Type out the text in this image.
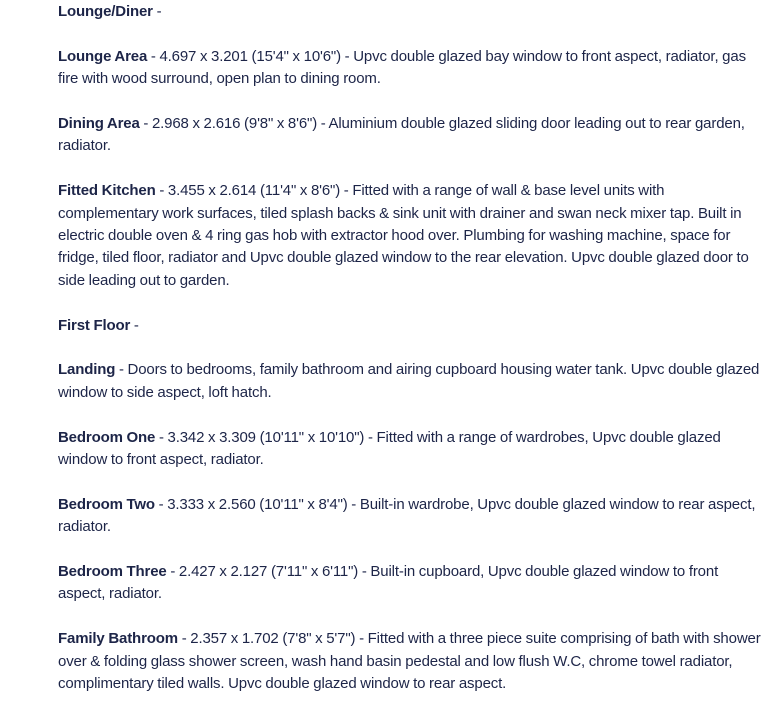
Lounge/Diner -

Lounge Area - 4.697 x 3.201 (15'4" x 10'6") - Upvc double glazed bay window to front aspect, radiator, gas fire with wood surround, open plan to dining room.

Dining Area - 2.968 x 2.616 (9'8" x 8'6") - Aluminium double glazed sliding door leading out to rear garden, radiator.

Fitted Kitchen - 3.455 x 2.614 (11'4" x 8'6") - Fitted with a range of wall & base level units with complementary work surfaces, tiled splash backs & sink unit with drainer and swan neck mixer tap. Built in electric double oven & 4 ring gas hob with extractor hood over. Plumbing for washing machine, space for fridge, tiled floor, radiator and Upvc double glazed window to the rear elevation. Upvc double glazed door to side leading out to garden.

First Floor -

Landing - Doors to bedrooms, family bathroom and airing cupboard housing water tank. Upvc double glazed window to side aspect, loft hatch.

Bedroom One - 3.342 x 3.309 (10'11" x 10'10") - Fitted with a range of wardrobes, Upvc double glazed window to front aspect, radiator.

Bedroom Two - 3.333 x 2.560 (10'11" x 8'4") - Built-in wardrobe, Upvc double glazed window to rear aspect, radiator.

Bedroom Three - 2.427 x 2.127 (7'11" x 6'11") - Built-in cupboard, Upvc double glazed window to front aspect, radiator.

Family Bathroom - 2.357 x 1.702 (7'8" x 5'7") - Fitted with a three piece suite comprising of bath with shower over & folding glass shower screen, wash hand basin pedestal and low flush W.C, chrome towel radiator, complimentary tiled walls. Upvc double glazed window to rear aspect.
